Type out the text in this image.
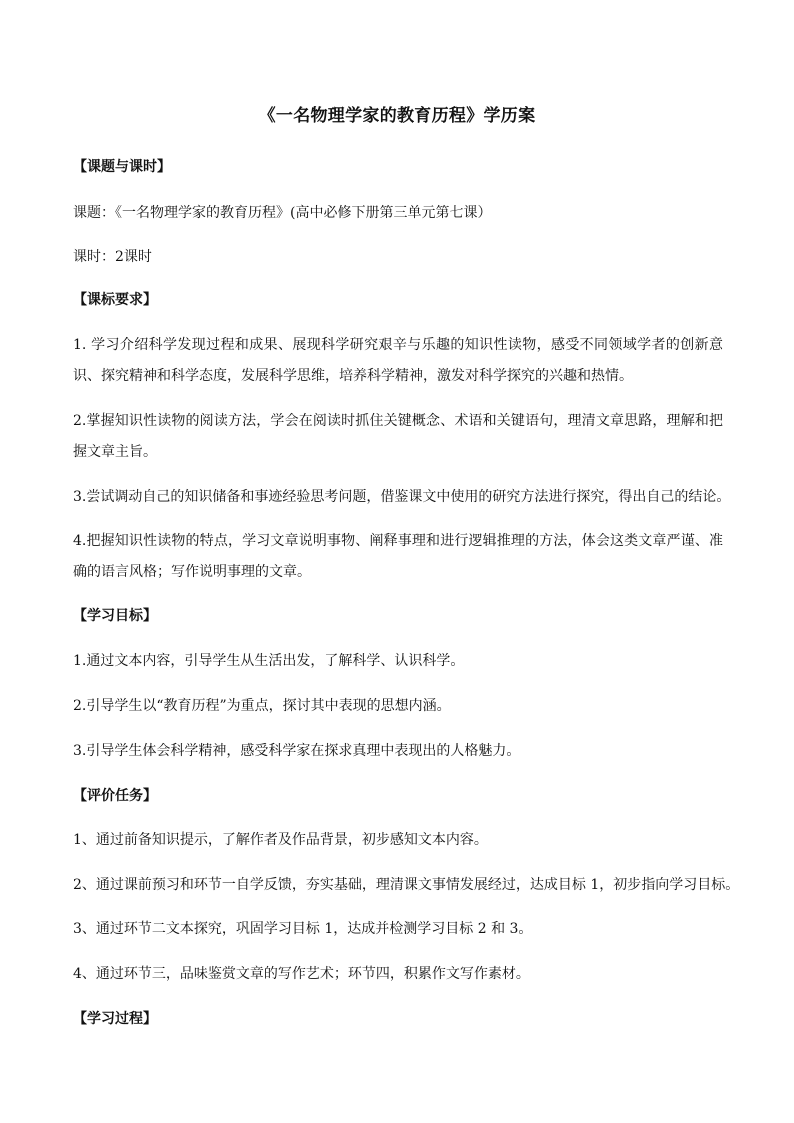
《一名物理学家的教育历程》学历案
【课题与课时】
课题：《一名物理学家的教育历程》(高中必修下册第三单元第七课）
课时：2课时
【课标要求】
1. 学习介绍科学发现过程和成果、展现科学研究艰辛与乐趣的知识性读物，感受不同领域学者的创新意识、探究精神和科学态度，发展科学思维，培养科学精神，激发对科学探究的兴趣和热情。
2.掌握知识性读物的阅读方法，学会在阅读时抓住关键概念、术语和关键语句，理清文章思路，理解和把握文章主旨。
3.尝试调动自己的知识储备和事迹经验思考问题，借鉴课文中使用的研究方法进行探究，得出自己的结论。
4.把握知识性读物的特点，学习文章说明事物、阐释事理和进行逻辑推理的方法，体会这类文章严谨、准确的语言风格；写作说明事理的文章。
【学习目标】
1.通过文本内容，引导学生从生活出发，了解科学、认识科学。
2.引导学生以“教育历程”为重点，探讨其中表现的思想内涵。
3.引导学生体会科学精神，感受科学家在探求真理中表现出的人格魅力。
【评价任务】
1、通过前备知识提示，了解作者及作品背景，初步感知文本内容。
2、通过课前预习和环节一自学反馈，夯实基础，理清课文事情发展经过，达成目标 1，初步指向学习目标。
3、通过环节二文本探究，巩固学习目标 1，达成并检测学习目标 2 和 3。
4、通过环节三，品味鉴赏文章的写作艺术；环节四，积累作文写作素材。
【学习过程】
